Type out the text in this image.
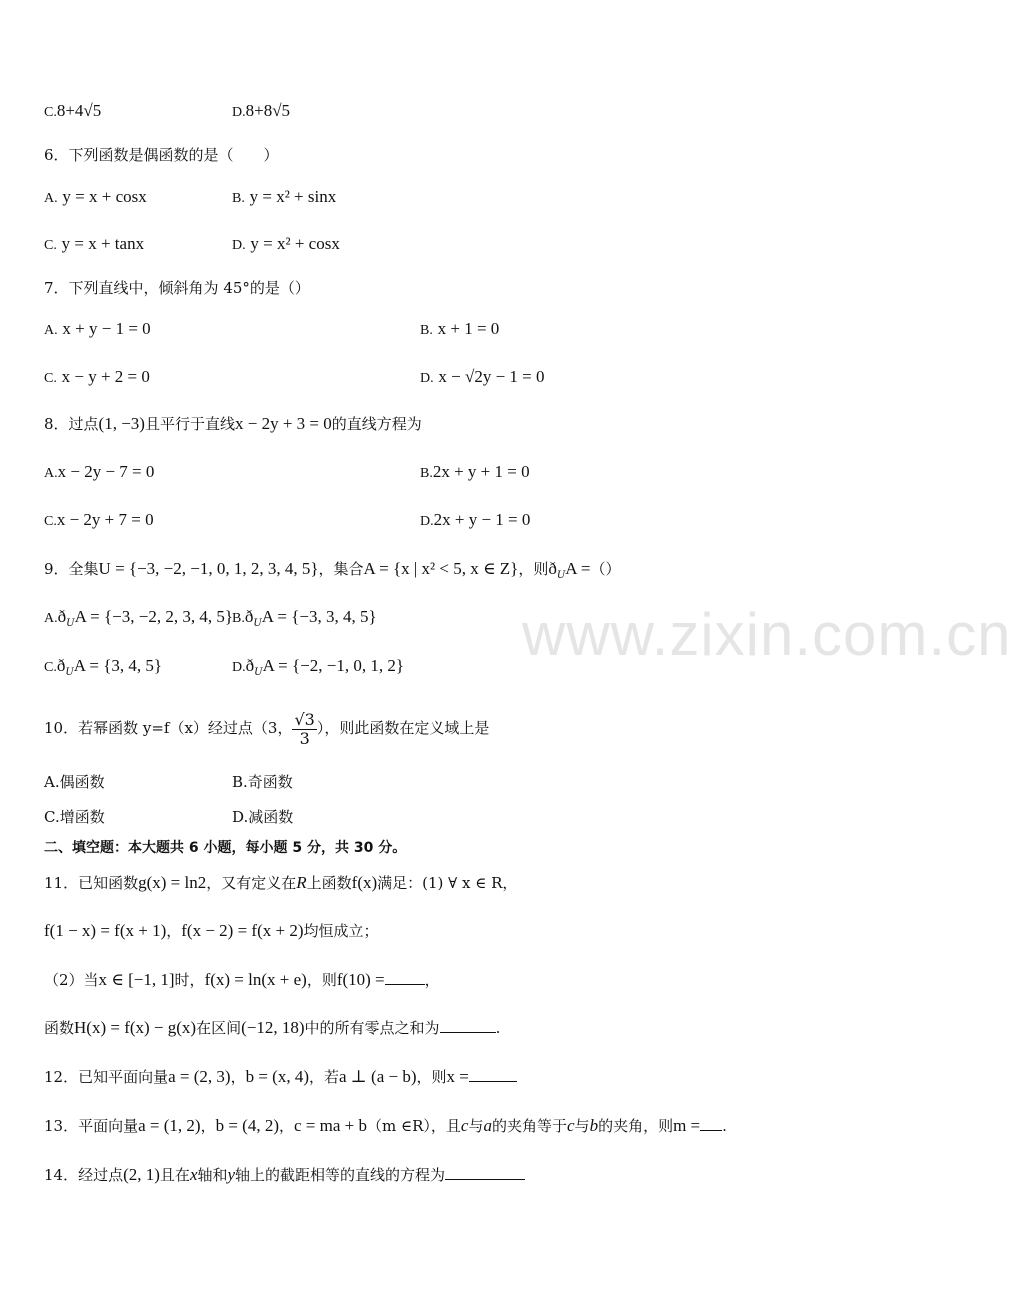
C.8+4√5	D.8+8√5
6．下列函数是偶函数的是（　　）
A. y = x + cosx	B. y = x² + sinx
C. y = x + tanx	D. y = x² + cosx
7．下列直线中，倾斜角为 45°的是（）
A. x + y − 1 = 0	B. x + 1 = 0
C. x − y + 2 = 0	D. x − √2y − 1 = 0
8．过点(1, −3)且平行于直线x − 2y + 3 = 0的直线方程为
A.x − 2y − 7 = 0	B.2x + y + 1 = 0
C.x − 2y + 7 = 0	D.2x + y − 1 = 0
9．全集U = {−3, −2, −1, 0, 1, 2, 3, 4, 5}，集合A = {x | x² < 5, x ∈ Z}，则$ð_UA$ =（）
$A.ð_UA = \{-3$, −2, 2, 3, 4, 5} $B.ð_UA = \{-3$, 3, 4, 5}
$C.ð_UA = \{3$, 4, 5}	$D.ð_UA = \{-2$, −1, 0, 1, 2} www.zixin.com.cn
10．若幂函数 y=f（x）经过点（3， $\frac{√3}{3}$ ），则此函数在定义域上是
A.偶函数	B.奇函数
C.增函数	D.减函数
二、填空题：本大题共 6 小题，每小题 5 分，共 30 分。
11．已知函数g(x) = ln2，又有定义在R上函数f(x)满足：(1) ∀ x ∈ R，
f(1 − x) = f(x + 1)，f(x − 2) = f(x + 2)均恒成立；
（2）当x ∈ [−1, 1]时，f(x) = ln(x + e)，则f(10) =	，
函数H(x) = f(x) − g(x)在区间(−12, 18)中的所有零点之和为	.
12．已知平面向量a = (2, 3)，b = (x, 4)，若a ⊥ (a − b)，则x =
13．平面向量a = (1, 2)，b = (4, 2)，c = ma + b（m ∈R），且c与a的夹角等于c与b的夹角，则m = .
14．经过点(2, 1)且在x轴和y轴上的截距相等的直线的方程为
